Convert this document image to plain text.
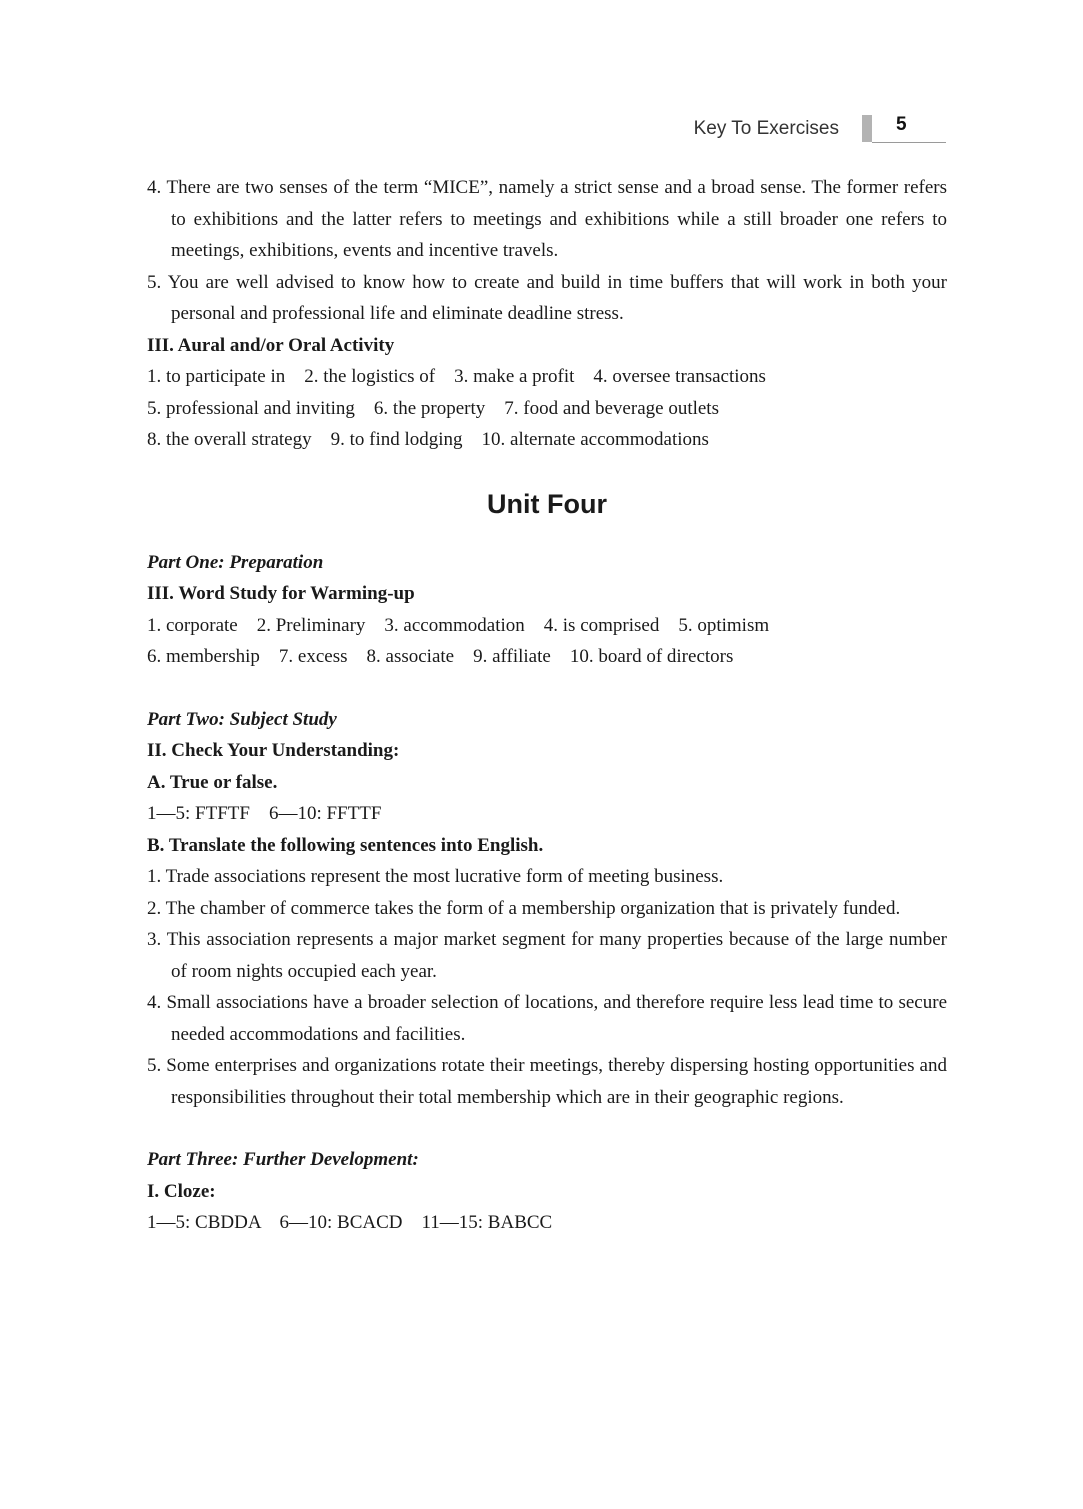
Key To Exercises	5
4. There are two senses of the term “MICE”, namely a strict sense and a broad sense. The former refers to exhibitions and the latter refers to meetings and exhibitions while a still broader one refers to meetings, exhibitions, events and incentive travels.
5. You are well advised to know how to create and build in time buffers that will work in both your personal and professional life and eliminate deadline stress.
III. Aural and/or Oral Activity
1. to participate in    2. the logistics of    3. make a profit    4. oversee transactions
5. professional and inviting    6. the property    7. food and beverage outlets
8. the overall strategy    9. to find lodging    10. alternate accommodations
Unit Four
Part One: Preparation
III. Word Study for Warming-up
1. corporate    2. Preliminary    3. accommodation    4. is comprised    5. optimism
6. membership    7. excess    8. associate    9. affiliate    10. board of directors
Part Two: Subject Study
II. Check Your Understanding:
A. True or false.
1—5: FTFTF    6—10: FFTTF
B. Translate the following sentences into English.
1. Trade associations represent the most lucrative form of meeting business.
2. The chamber of commerce takes the form of a membership organization that is privately funded.
3. This association represents a major market segment for many properties because of the large number of room nights occupied each year.
4. Small associations have a broader selection of locations, and therefore require less lead time to secure needed accommodations and facilities.
5. Some enterprises and organizations rotate their meetings, thereby dispersing hosting opportunities and responsibilities throughout their total membership which are in their geographic regions.
Part Three: Further Development:
I. Cloze:
1—5: CBDDA    6—10: BCACD    11—15: BABCC
